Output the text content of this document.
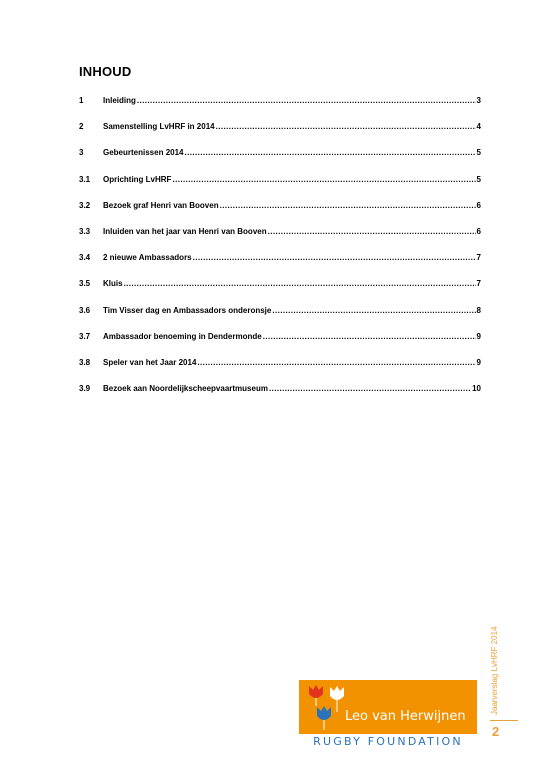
INHOUD
1	Inleiding .....	3
2	Samenstelling LvHRF in 2014 .....	4
3	Gebeurtenissen 2014 .....	5
3.1	Oprichting LvHRF .....	5
3.2	Bezoek graf Henri van Booven .....	6
3.3	Inluiden van het jaar van Henri van Booven .....	6
3.4	2 nieuwe Ambassadors .....	7
3.5	Kluis .....	7
3.6	Tim Visser dag en Ambassadors onderonsje .....	8
3.7	Ambassador benoeming in Dendermonde .....	9
3.8	Speler van het Jaar 2014 .....	9
3.9	Bezoek aan Noordelijkscheepvaartmuseum .....	10
Jaarverslag LvHRF 2014
2
Leo van Herwijnen
RUGBY FOUNDATION
